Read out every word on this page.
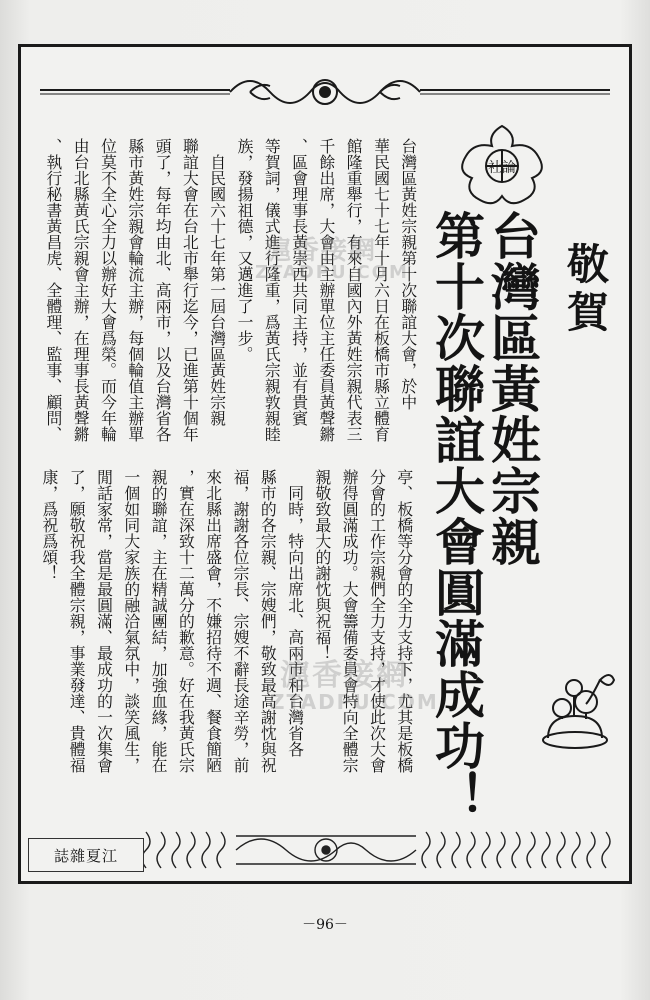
社論
敬賀
台灣區黃姓宗親
第十次聯誼大會圓滿成功！
台灣區黃姓宗親第十次聯誼大會，於中
華民國七十七年十月六日在板橋市縣立體育
館隆重舉行，有來自國內外黃姓宗親代表三
千餘出席，大會由主辦單位主任委員黃聲鏘
、區會理事長黃崇西共同主持，並有貴賓
等賀詞，儀式進行隆重，爲黃氏宗親敦親睦
族，發揚祖德，又邁進了一步。
　自民國六十七年第一屆台灣區黃姓宗親
聯誼大會在台北市舉行迄今，已進第十個年
頭了，每年均由北、高兩市，以及台灣省各
縣市黃姓宗親會輪流主辦，每個輪值主辦單
位莫不全心全力以辦好大會爲榮。而今年輪
由台北縣黃氏宗親會主辦，在理事長黃聲鏘
、執行秘書黃昌虎、全體理、監事、顧問、
亭、板橋等分會的全力支持下，尤其是板橋
分會的工作宗親們全力支持，才使此次大會
辦得圓滿成功。大會籌備委員會特向全體宗
親敬致最大的謝忱與祝福！
　同時，特向出席北、高兩市和台灣省各
縣市的各宗親、宗嫂們，敬致最高謝忱與祝
福，謝謝各位宗長、宗嫂不辭長途辛勞，前
來北縣出席盛會，不嫌招待不週、餐食簡陋
，實在深致十二萬分的歉意。好在我黃氏宗
親的聯誼，主在精誠團結，加強血緣，能在
一個如同大家族的融洽氣氛中，談笑風生，
閒話家常，當是最圓滿、最成功的一次集會
了，願敬祝我全體宗親，事業發達、貴體福
康，爲祝爲頌！
誌雜夏江
－96－
滬香接網
ZTADPU.COM
滬香接網
ZTADPU.COM
